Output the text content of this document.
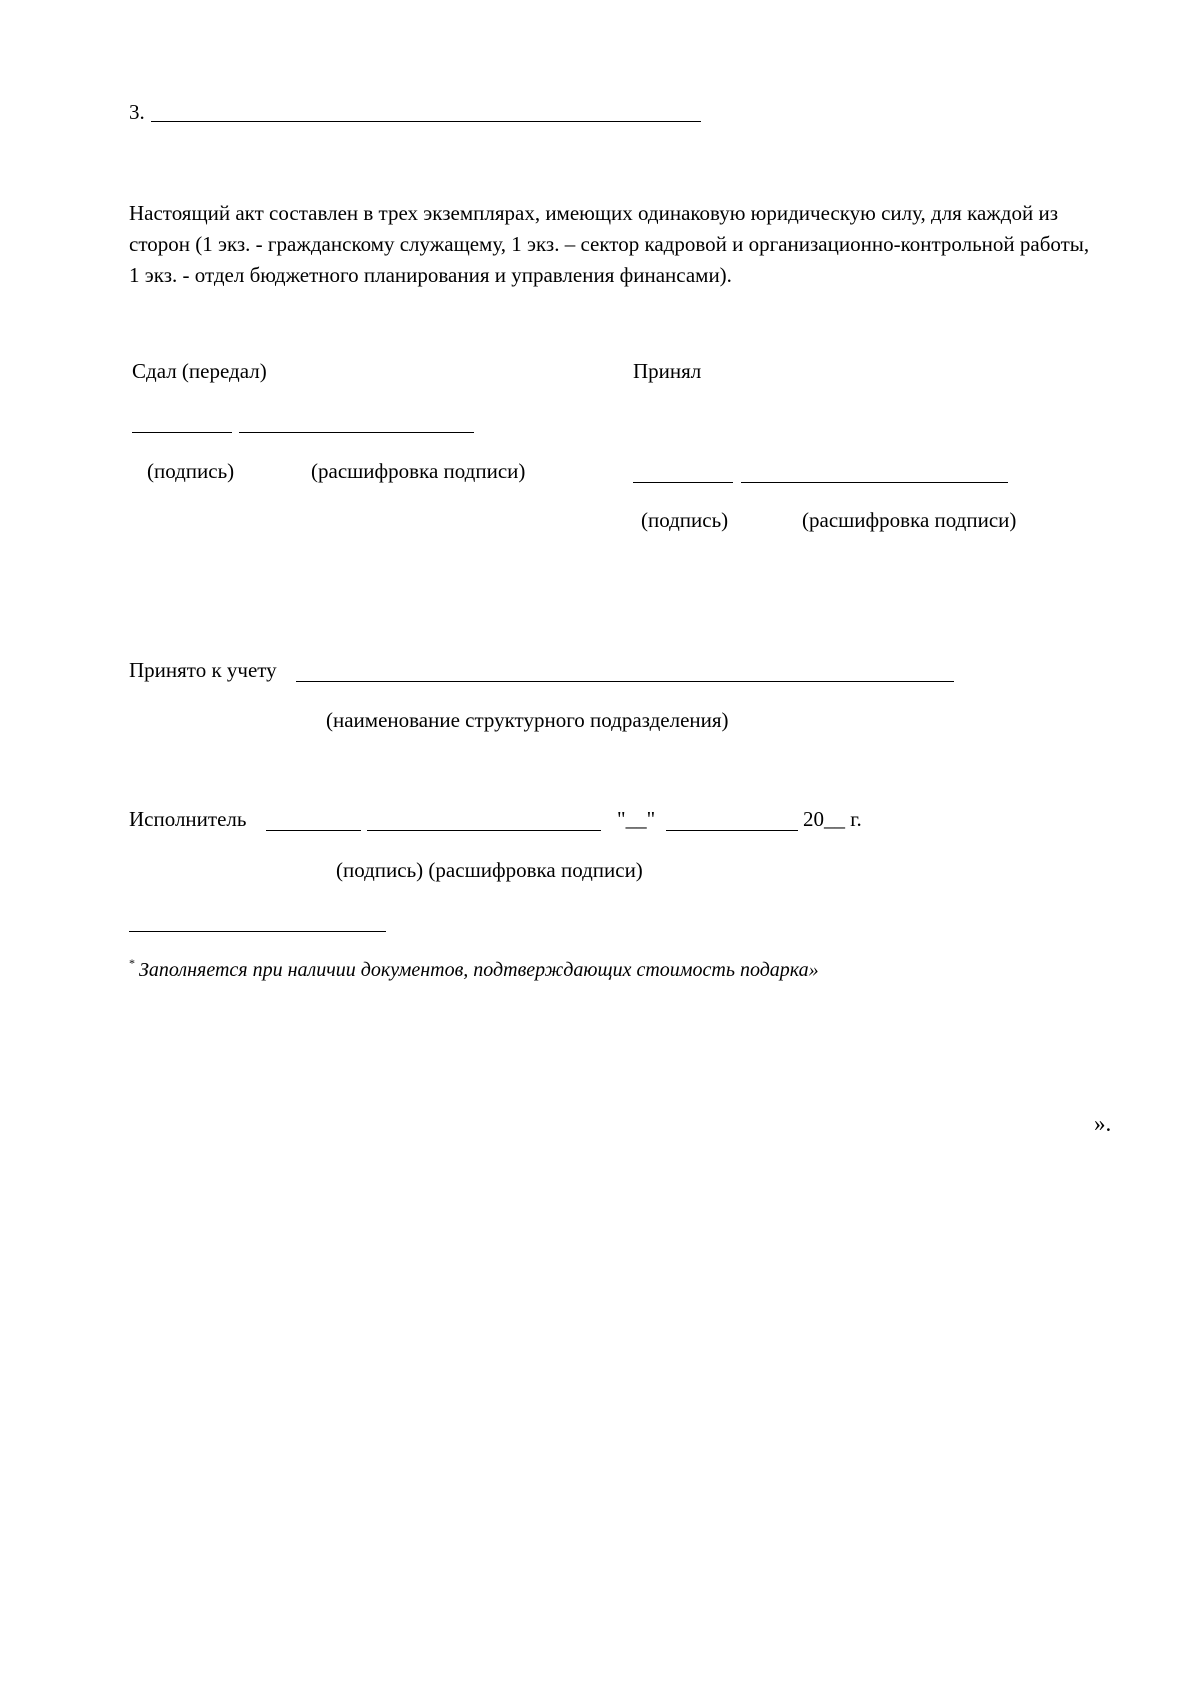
3.
Настоящий акт составлен в трех экземплярах, имеющих одинаковую юридическую силу, для каждой из
сторон (1 экз. - гражданскому служащему, 1 экз. – сектор кадровой и организационно-контрольной работы,
1 экз. - отдел бюджетного планирования и управления финансами).
Сдал (передал)	Принял
(подпись)	(расшифровка подписи)
(подпись)	(расшифровка подписи)
Принято к учету
(наименование структурного подразделения)
Исполнитель	"__"	20__ г.
(подпись) (расшифровка подписи)
* Заполняется при наличии документов, подтверждающих стоимость подарка»
».
